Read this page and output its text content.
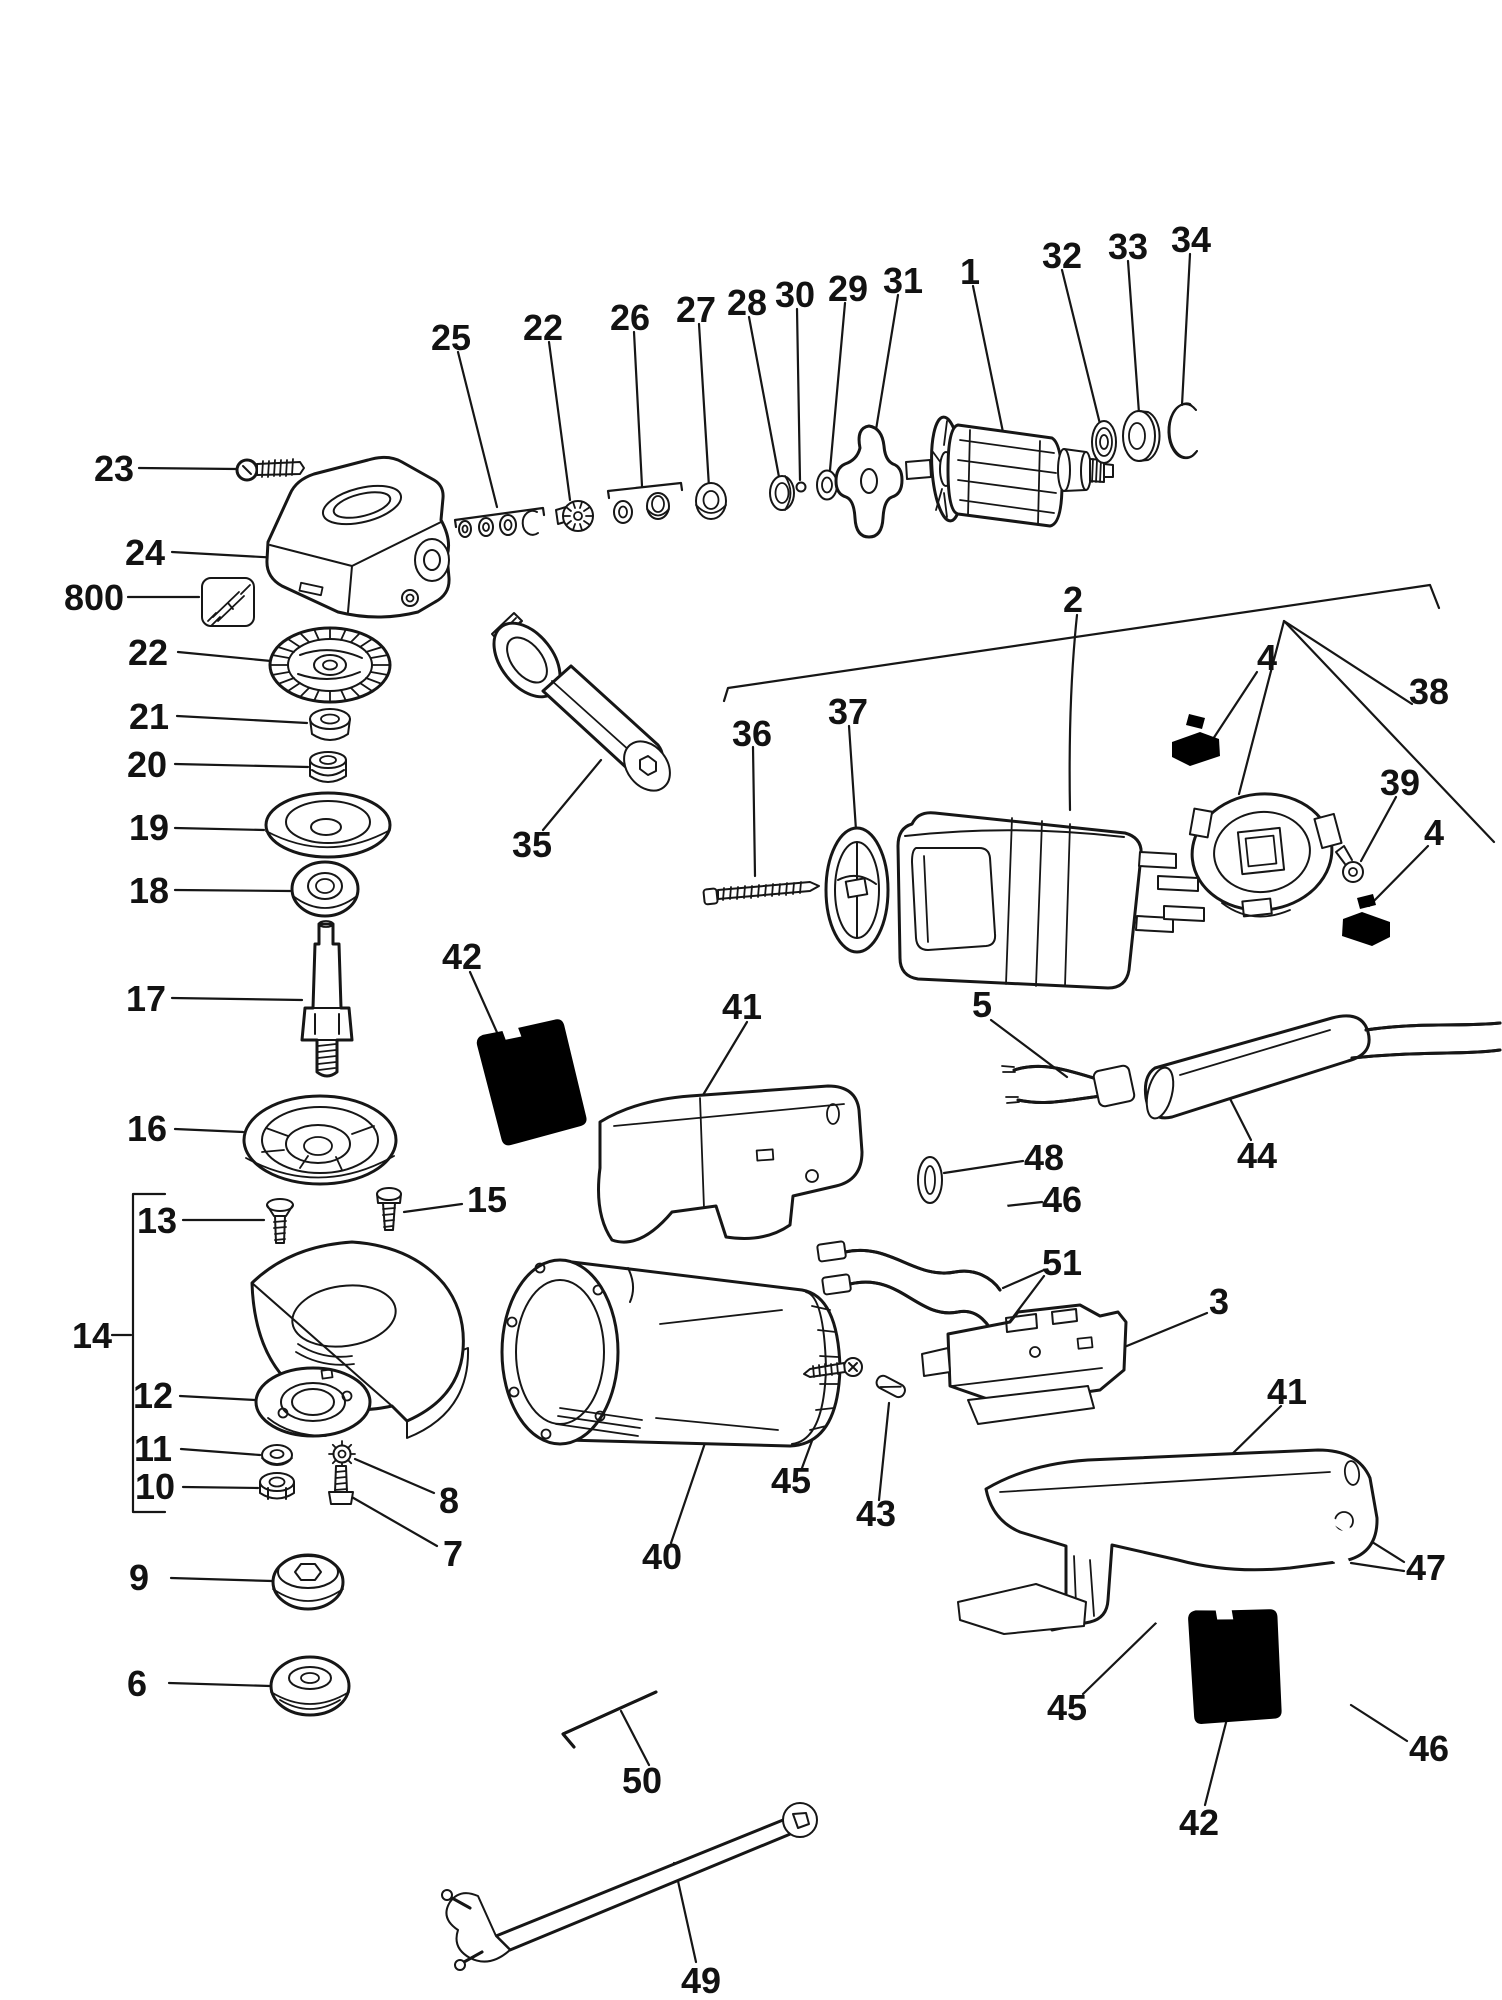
23
24
800
22
21
20
19
18
17
16
13
14
12
11
10	8
7
9
6
25 22 26 27 28 30 29 31 1 32 33 34
35
36
37
2
4
38
39
4
42
41
15
5
44
48
46
51
3
40
45
43
41
47
45
42
46
50
49
